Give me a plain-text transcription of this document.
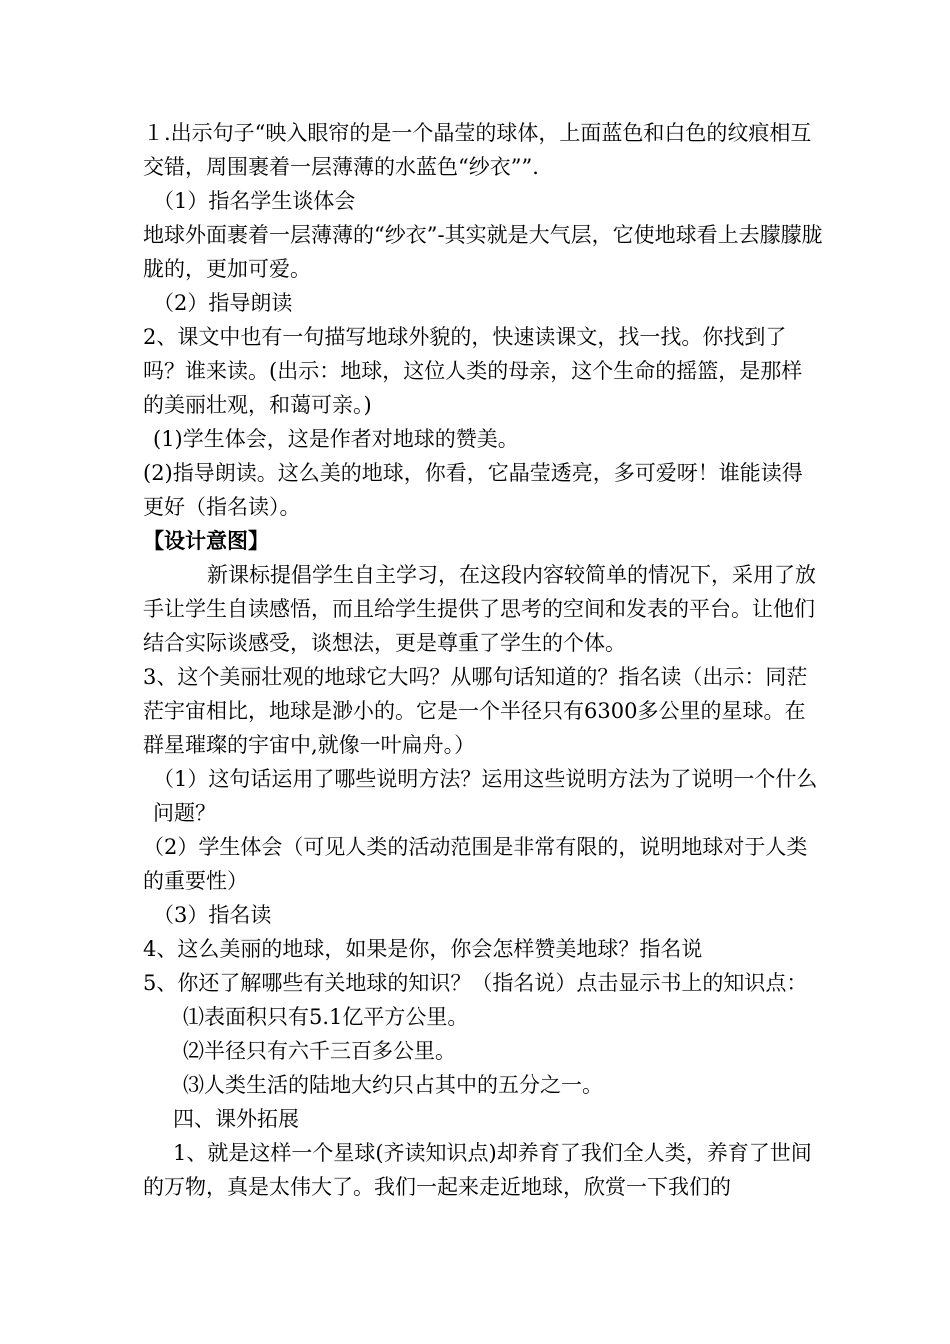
１.出示句子“映入眼帘的是一个晶莹的球体，上面蓝色和白色的纹痕相互交错，周围裹着一层薄薄的水蓝色“纱衣””.

（1）指名学生谈体会

地球外面裹着一层薄薄的“纱衣”-其实就是大气层，它使地球看上去朦朦胧胧的，更加可爱。

（2）指导朗读

2、课文中也有一句描写地球外貌的，快速读课文，找一找。你找到了吗？谁来读。(出示：地球，这位人类的母亲，这个生命的摇篮，是那样的美丽壮观，和蔼可亲。)

(1)学生体会，这是作者对地球的赞美。

(2)指导朗读。这么美的地球，你看，它晶莹透亮，多可爱呀！谁能读得更好（指名读）。

【设计意图】

新课标提倡学生自主学习，在这段内容较简单的情况下，采用了放手让学生自读感悟，而且给学生提供了思考的空间和发表的平台。让他们结合实际谈感受，谈想法，更是尊重了学生的个体。

3、这个美丽壮观的地球它大吗？从哪句话知道的？指名读（出示：同茫茫宇宙相比，地球是渺小的。它是一个半径只有6300多公里的星球。在群星璀璨的宇宙中,就像一叶扁舟。）

（1）这句话运用了哪些说明方法？运用这些说明方法为了说明一个什么问题？

（2）学生体会（可见人类的活动范围是非常有限的，说明地球对于人类的重要性）

（3）指名读

4、这么美丽的地球，如果是你，你会怎样赞美地球？指名说

5、你还了解哪些有关地球的知识？（指名说）点击显示书上的知识点：

⑴表面积只有5.1亿平方公里。

⑵半径只有六千三百多公里。

⑶人类生活的陆地大约只占其中的五分之一。

四、课外拓展

1、就是这样一个星球(齐读知识点)却养育了我们全人类，养育了世间的万物，真是太伟大了。我们一起来走近地球，欣赏一下我们的
